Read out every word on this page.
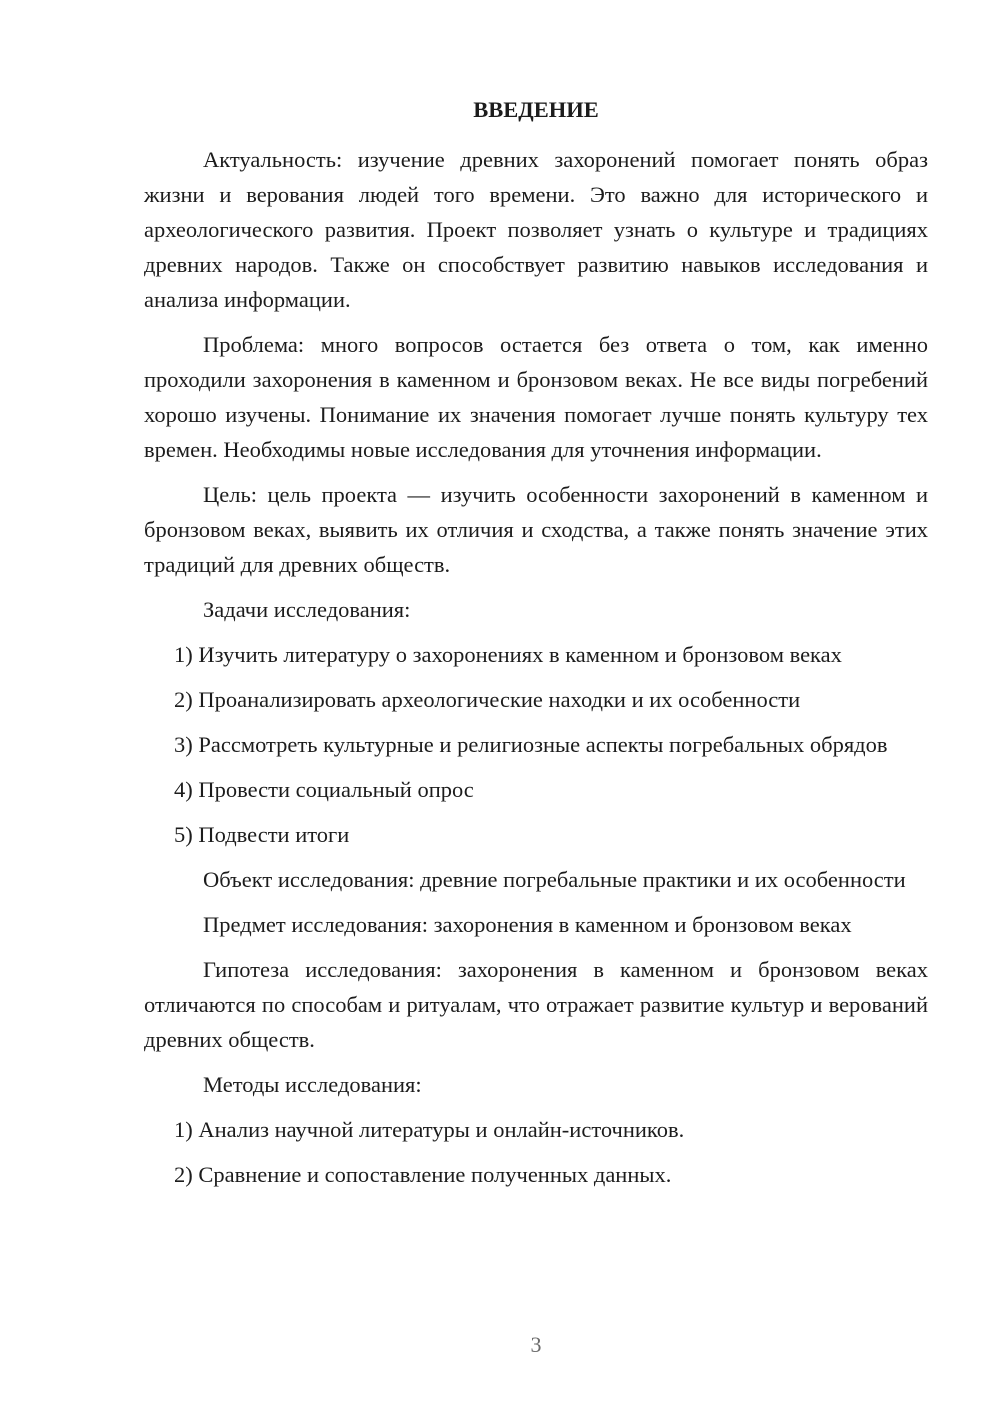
ВВЕДЕНИЕ

Актуальность: изучение древних захоронений помогает понять образ жизни и верования людей того времени. Это важно для исторического и археологического развития. Проект позволяет узнать о культуре и традициях древних народов. Также он способствует развитию навыков исследования и анализа информации.

Проблема: много вопросов остается без ответа о том, как именно проходили захоронения в каменном и бронзовом веках. Не все виды погребений хорошо изучены. Понимание их значения помогает лучше понять культуру тех времен. Необходимы новые исследования для уточнения информации.

Цель: цель проекта — изучить особенности захоронений в каменном и бронзовом веках, выявить их отличия и сходства, а также понять значение этих традиций для древних обществ.

Задачи исследования:

1) Изучить литературу о захоронениях в каменном и бронзовом веках

2) Проанализировать археологические находки и их особенности

3) Рассмотреть культурные и религиозные аспекты погребальных обрядов

4) Провести социальный опрос

5) Подвести итоги

Объект исследования: древние погребальные практики и их особенности

Предмет исследования: захоронения в каменном и бронзовом веках

Гипотеза исследования: захоронения в каменном и бронзовом веках отличаются по способам и ритуалам, что отражает развитие культур и верований древних обществ.

Методы исследования:

1) Анализ научной литературы и онлайн-источников.

2) Сравнение и сопоставление полученных данных.

3
